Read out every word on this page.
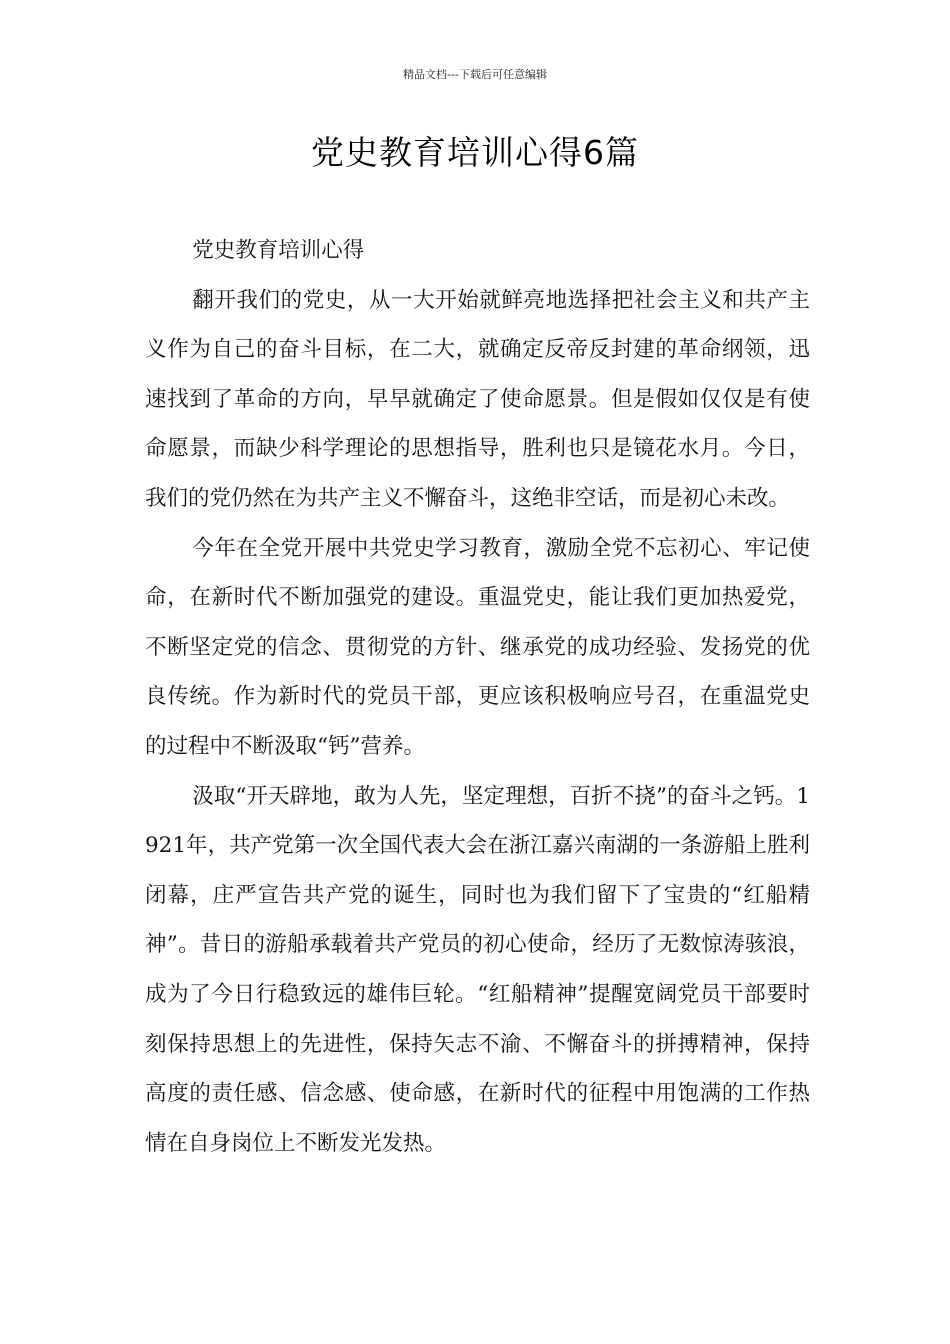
精品文档---下载后可任意编辑
党史教育培训心得6篇

党史教育培训心得

翻开我们的党史，从一大开始就鲜亮地选择把社会主义和共产主义作为自己的奋斗目标，在二大，就确定反帝反封建的革命纲领，迅速找到了革命的方向，早早就确定了使命愿景。但是假如仅仅是有使命愿景，而缺少科学理论的思想指导，胜利也只是镜花水月。今日，我们的党仍然在为共产主义不懈奋斗，这绝非空话，而是初心未改。

今年在全党开展中共党史学习教育，激励全党不忘初心、牢记使命，在新时代不断加强党的建设。重温党史，能让我们更加热爱党，不断坚定党的信念、贯彻党的方针、继承党的成功经验、发扬党的优良传统。作为新时代的党员干部，更应该积极响应号召，在重温党史的过程中不断汲取“钙”营养。

汲取“开天辟地，敢为人先，坚定理想，百折不挠”的奋斗之钙。1921年，共产党第一次全国代表大会在浙江嘉兴南湖的一条游船上胜利闭幕，庄严宣告共产党的诞生，同时也为我们留下了宝贵的“红船精神”。昔日的游船承载着共产党员的初心使命，经历了无数惊涛骇浪，成为了今日行稳致远的雄伟巨轮。“红船精神”提醒宽阔党员干部要时刻保持思想上的先进性，保持矢志不渝、不懈奋斗的拼搏精神，保持高度的责任感、信念感、使命感，在新时代的征程中用饱满的工作热情在自身岗位上不断发光发热。
